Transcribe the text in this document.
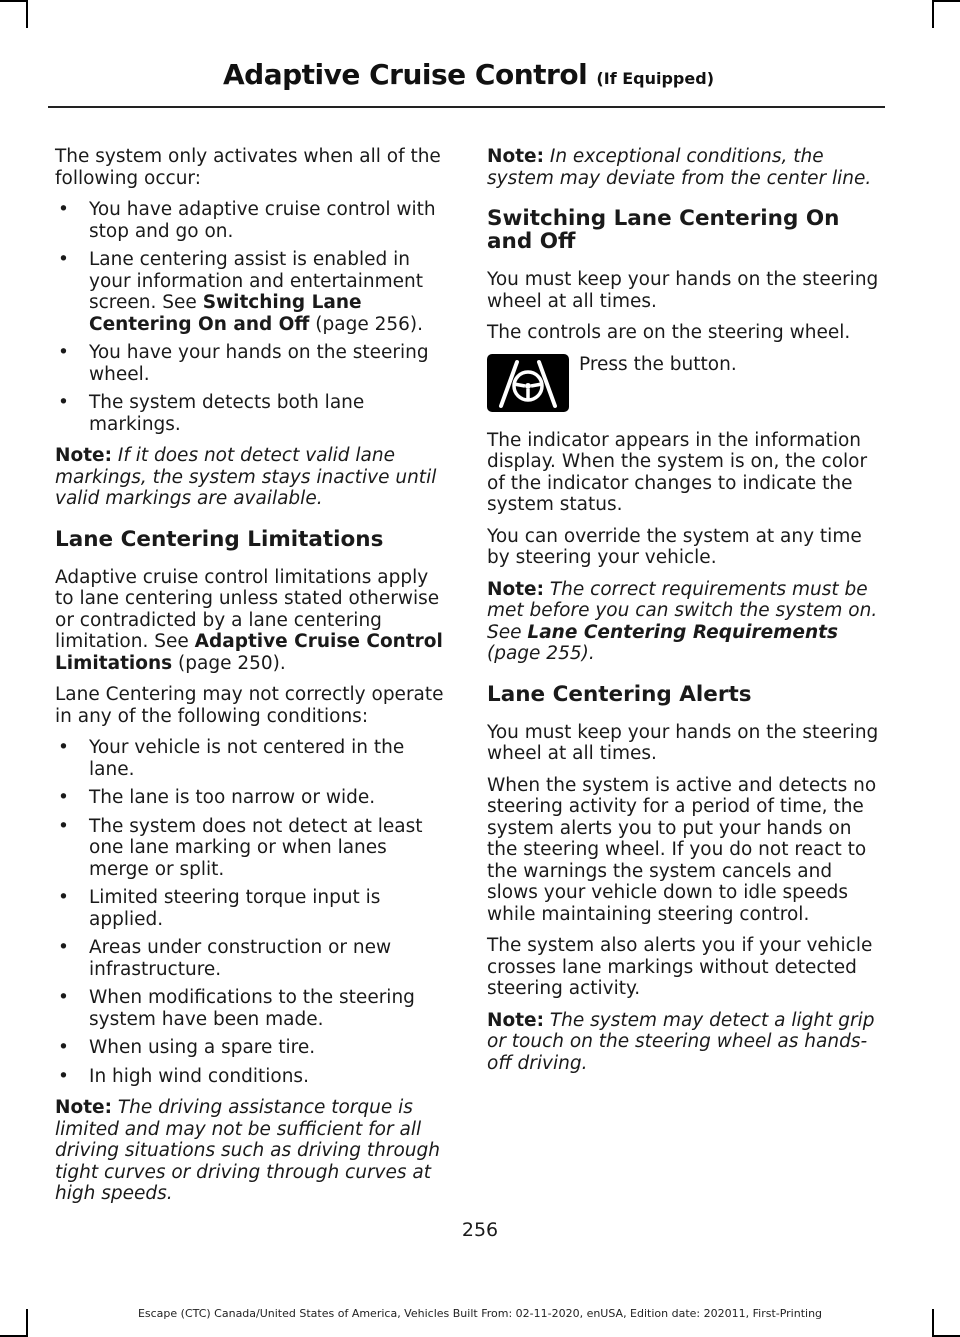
Adaptive Cruise Control (If Equipped)

The system only activates when all of the following occur:

• You have adaptive cruise control with stop and go on.
• Lane centering assist is enabled in your information and entertainment screen. See Switching Lane Centering On and Off (page 256).
• You have your hands on the steering wheel.
• The system detects both lane markings.

Note: If it does not detect valid lane markings, the system stays inactive until valid markings are available.

Lane Centering Limitations

Adaptive cruise control limitations apply to lane centering unless stated otherwise or contradicted by a lane centering limitation. See Adaptive Cruise Control Limitations (page 250).

Lane Centering may not correctly operate in any of the following conditions:

• Your vehicle is not centered in the lane.
• The lane is too narrow or wide.
• The system does not detect at least one lane marking or when lanes merge or split.
• Limited steering torque input is applied.
• Areas under construction or new infrastructure.
• When modifications to the steering system have been made.
• When using a spare tire.
• In high wind conditions.

Note: The driving assistance torque is limited and may not be sufficient for all driving situations such as driving through tight curves or driving through curves at high speeds.

Note: In exceptional conditions, the system may deviate from the center line.

Switching Lane Centering On and Off

You must keep your hands on the steering wheel at all times.

The controls are on the steering wheel.

Press the button.

The indicator appears in the information display. When the system is on, the color of the indicator changes to indicate the system status.

You can override the system at any time by steering your vehicle.

Note: The correct requirements must be met before you can switch the system on. See Lane Centering Requirements (page 255).

Lane Centering Alerts

You must keep your hands on the steering wheel at all times.

When the system is active and detects no steering activity for a period of time, the system alerts you to put your hands on the steering wheel. If you do not react to the warnings the system cancels and slows your vehicle down to idle speeds while maintaining steering control.

The system also alerts you if your vehicle crosses lane markings without detected steering activity.

Note: The system may detect a light grip or touch on the steering wheel as hands-off driving.

256
Escape (CTC) Canada/United States of America, Vehicles Built From: 02-11-2020, enUSA, Edition date: 202011, First-Printing
